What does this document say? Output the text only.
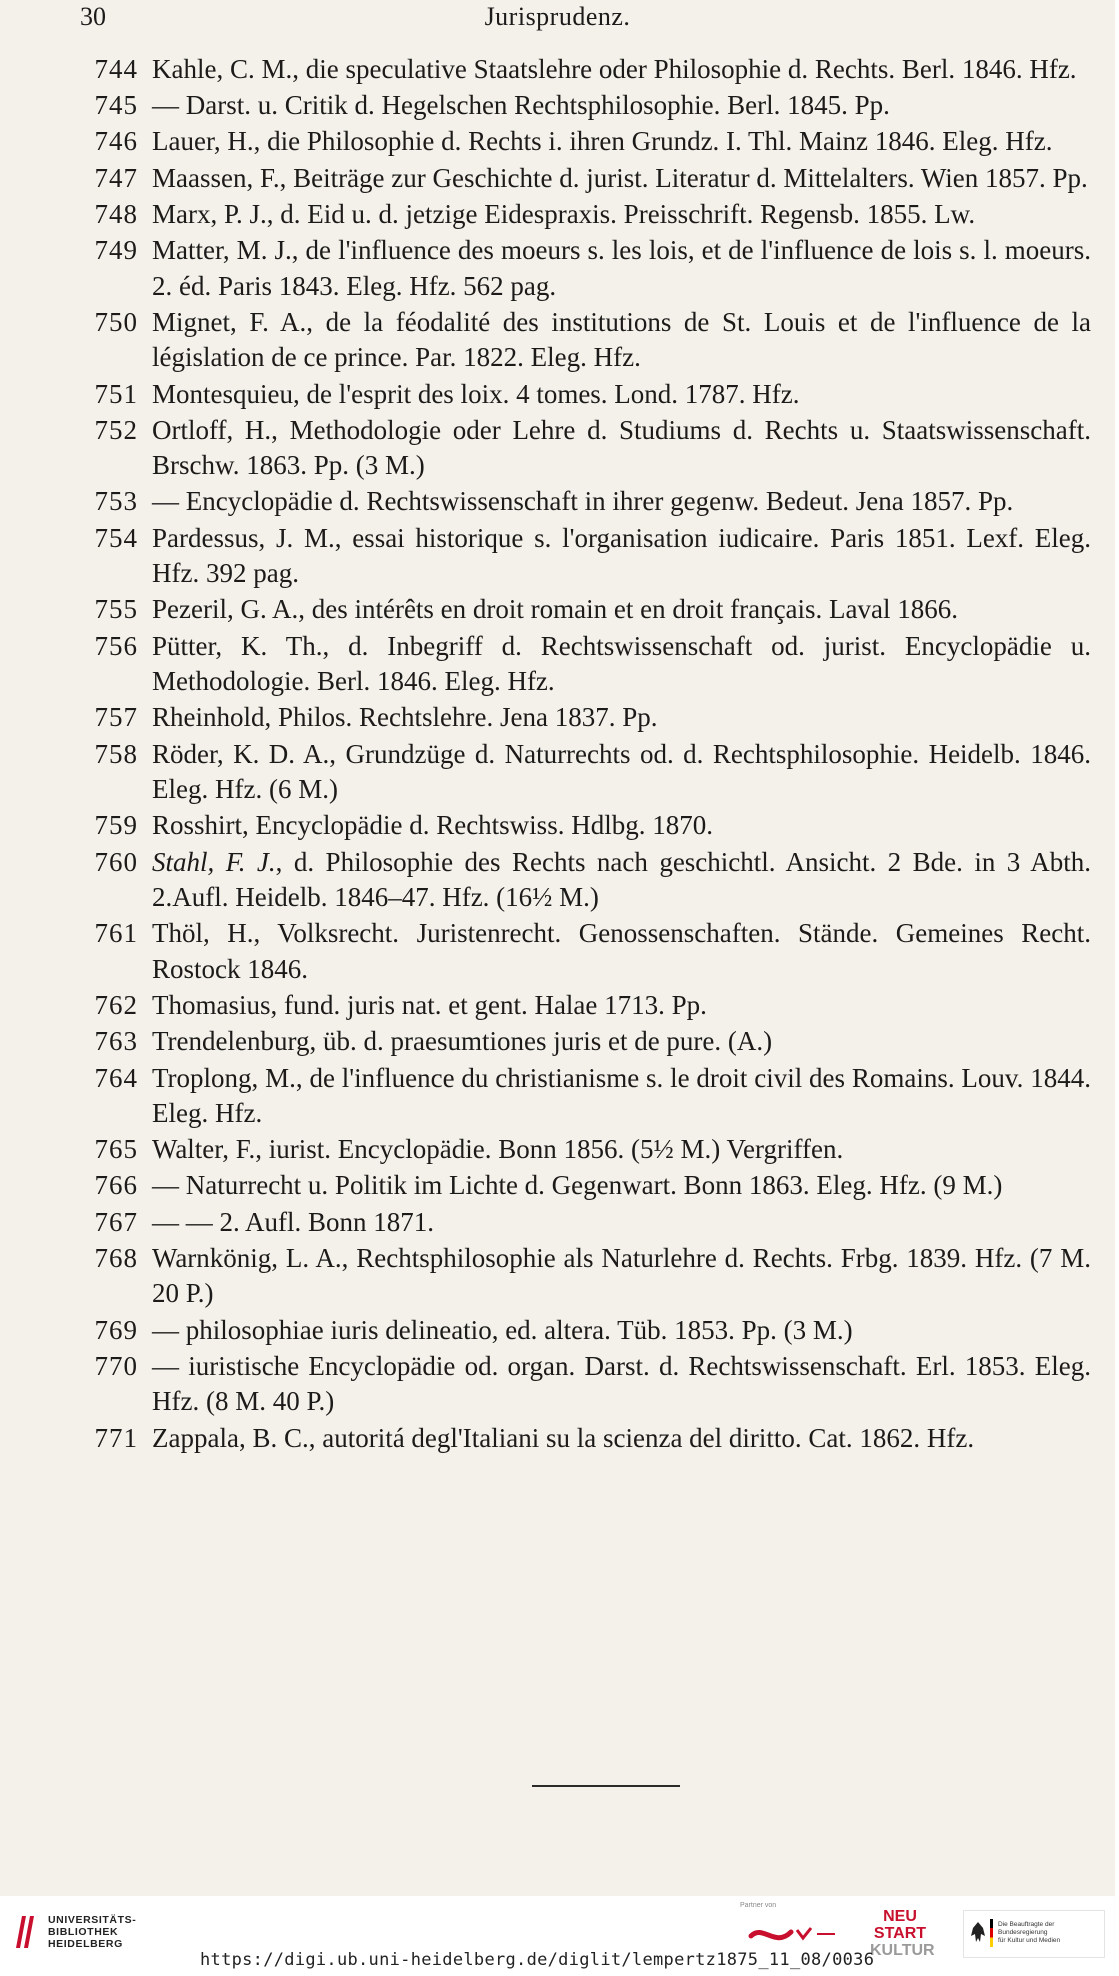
30	Jurisprudenz.
744 Kahle, C. M., die speculative Staatslehre oder Philosophie d. Rechts. Berl. 1846. Hfz.
745 — Darst. u. Critik d. Hegelschen Rechtsphilosophie. Berl. 1845. Pp.
746 Lauer, H., die Philosophie d. Rechts i. ihren Grundz. I. Thl. Mainz 1846. Eleg. Hfz.
747 Maassen, F., Beiträge zur Geschichte d. jurist. Literatur d. Mittelalters. Wien 1857. Pp.
748 Marx, P. J., d. Eid u. d. jetzige Eidespraxis. Preisschrift. Regensb. 1855. Lw.
749 Matter, M. J., de l'influence des moeurs s. les lois, et de l'influence de lois s. l. moeurs. 2. éd. Paris 1843. Eleg. Hfz. 562 pag.
750 Mignet, F. A., de la féodalité des institutions de St. Louis et de l'influence de la législation de ce prince. Par. 1822. Eleg. Hfz.
751 Montesquieu, de l'esprit des loix. 4 tomes. Lond. 1787. Hfz.
752 Ortloff, H., Methodologie oder Lehre d. Studiums d. Rechts u. Staatswissenschaft. Brschw. 1863. Pp. (3 M.)
753 — Encyclopädie d. Rechtswissenschaft in ihrer gegenw. Bedeut. Jena 1857. Pp.
754 Pardessus, J. M., essai historique s. l'organisation iudicaire. Paris 1851. Lexf. Eleg. Hfz. 392 pag.
755 Pezeril, G. A., des intérêts en droit romain et en droit français. Laval 1866.
756 Pütter, K. Th., d. Inbegriff d. Rechtswissenschaft od. jurist. Encyclopädie u. Methodologie. Berl. 1846. Eleg. Hfz.
757 Rheinhold, Philos. Rechtslehre. Jena 1837. Pp.
758 Röder, K. D. A., Grundzüge d. Naturrechts od. d. Rechtsphilosophie. Heidelb. 1846. Eleg. Hfz. (6 M.)
759 Rosshirt, Encyclopädie d. Rechtswiss. Hdlbg. 1870.
760 Stahl, F. J., d. Philosophie des Rechts nach geschichtl. Ansicht. 2 Bde. in 3 Abth. 2.Aufl. Heidelb. 1846–47. Hfz. (16½ M.)
761 Thöl, H., Volksrecht. Juristenrecht. Genossenschaften. Stände. Gemeines Recht. Rostock 1846.
762 Thomasius, fund. juris nat. et gent. Halae 1713. Pp.
763 Trendelenburg, üb. d. praesumtiones juris et de pure. (A.)
764 Troplong, M., de l'influence du christianisme s. le droit civil des Romains. Louv. 1844. Eleg. Hfz.
765 Walter, F., iurist. Encyclopädie. Bonn 1856. (5½ M.) Vergriffen.
766 — Naturrecht u. Politik im Lichte d. Gegenwart. Bonn 1863. Eleg. Hfz. (9 M.)
767 — — 2. Aufl. Bonn 1871.
768 Warnkönig, L. A., Rechtsphilosophie als Naturlehre d. Rechts. Frbg. 1839. Hfz. (7 M. 20 P.)
769 — philosophiae iuris delineatio, ed. altera. Tüb. 1853. Pp. (3 M.)
770 — iuristische Encyclopädie od. organ. Darst. d. Rechtswissenschaft. Erl. 1853. Eleg. Hfz. (8 M. 40 P.)
771 Zappala, B. C., autoritá degl'Italiani su la scienza del diritto. Cat. 1862. Hfz.
UNIVERSITÄTS-
BIBLIOTHEK
HEIDELBERG
Partner von
NEU
START
KULTUR
Die Beauftragte der Bundesregierung
für Kultur und Medien
https://digi.ub.uni-heidelberg.de/diglit/lempertz1875_11_08/0036
